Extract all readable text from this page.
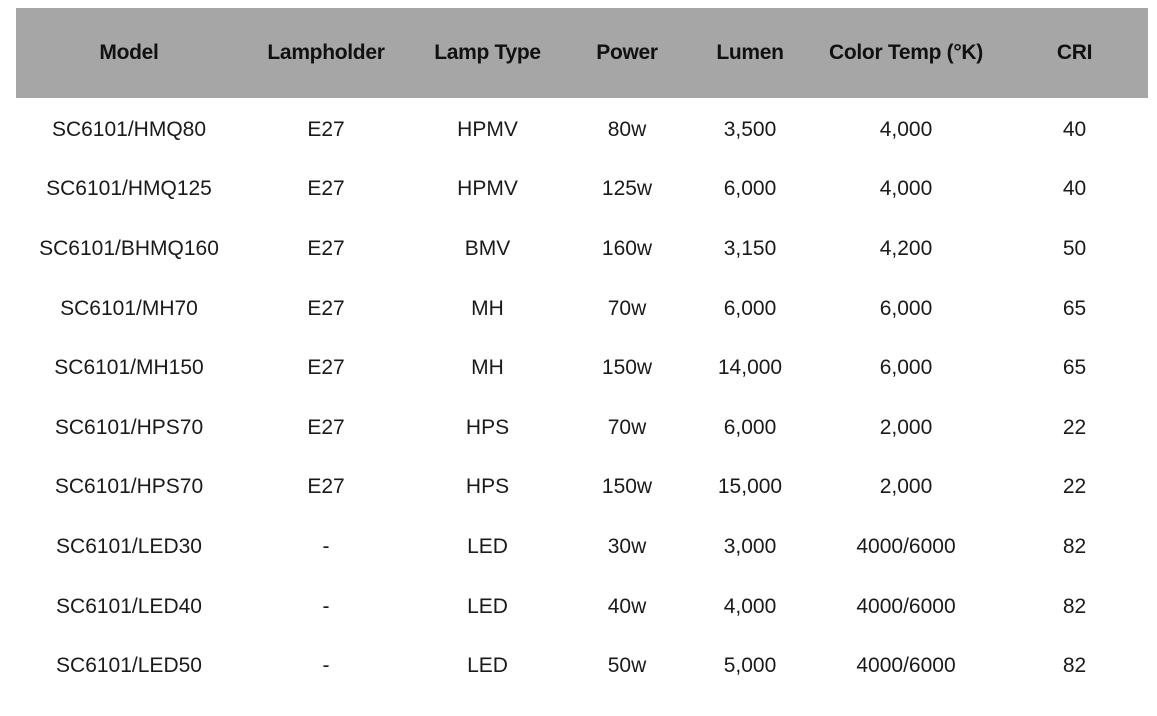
Model	Lampholder	Lamp Type	Power	Lumen	Color Temp (°K)	CRI
SC6101/HMQ80	E27	HPMV	80w	3,500	4,000	40
SC6101/HMQ125	E27	HPMV	125w	6,000	4,000	40
SC6101/BHMQ160	E27	BMV	160w	3,150	4,200	50
SC6101/MH70	E27	MH	70w	6,000	6,000	65
SC6101/MH150	E27	MH	150w	14,000	6,000	65
SC6101/HPS70	E27	HPS	70w	6,000	2,000	22
SC6101/HPS70	E27	HPS	150w	15,000	2,000	22
SC6101/LED30	-	LED	30w	3,000	4000/6000	82
SC6101/LED40	-	LED	40w	4,000	4000/6000	82
SC6101/LED50	-	LED	50w	5,000	4000/6000	82
